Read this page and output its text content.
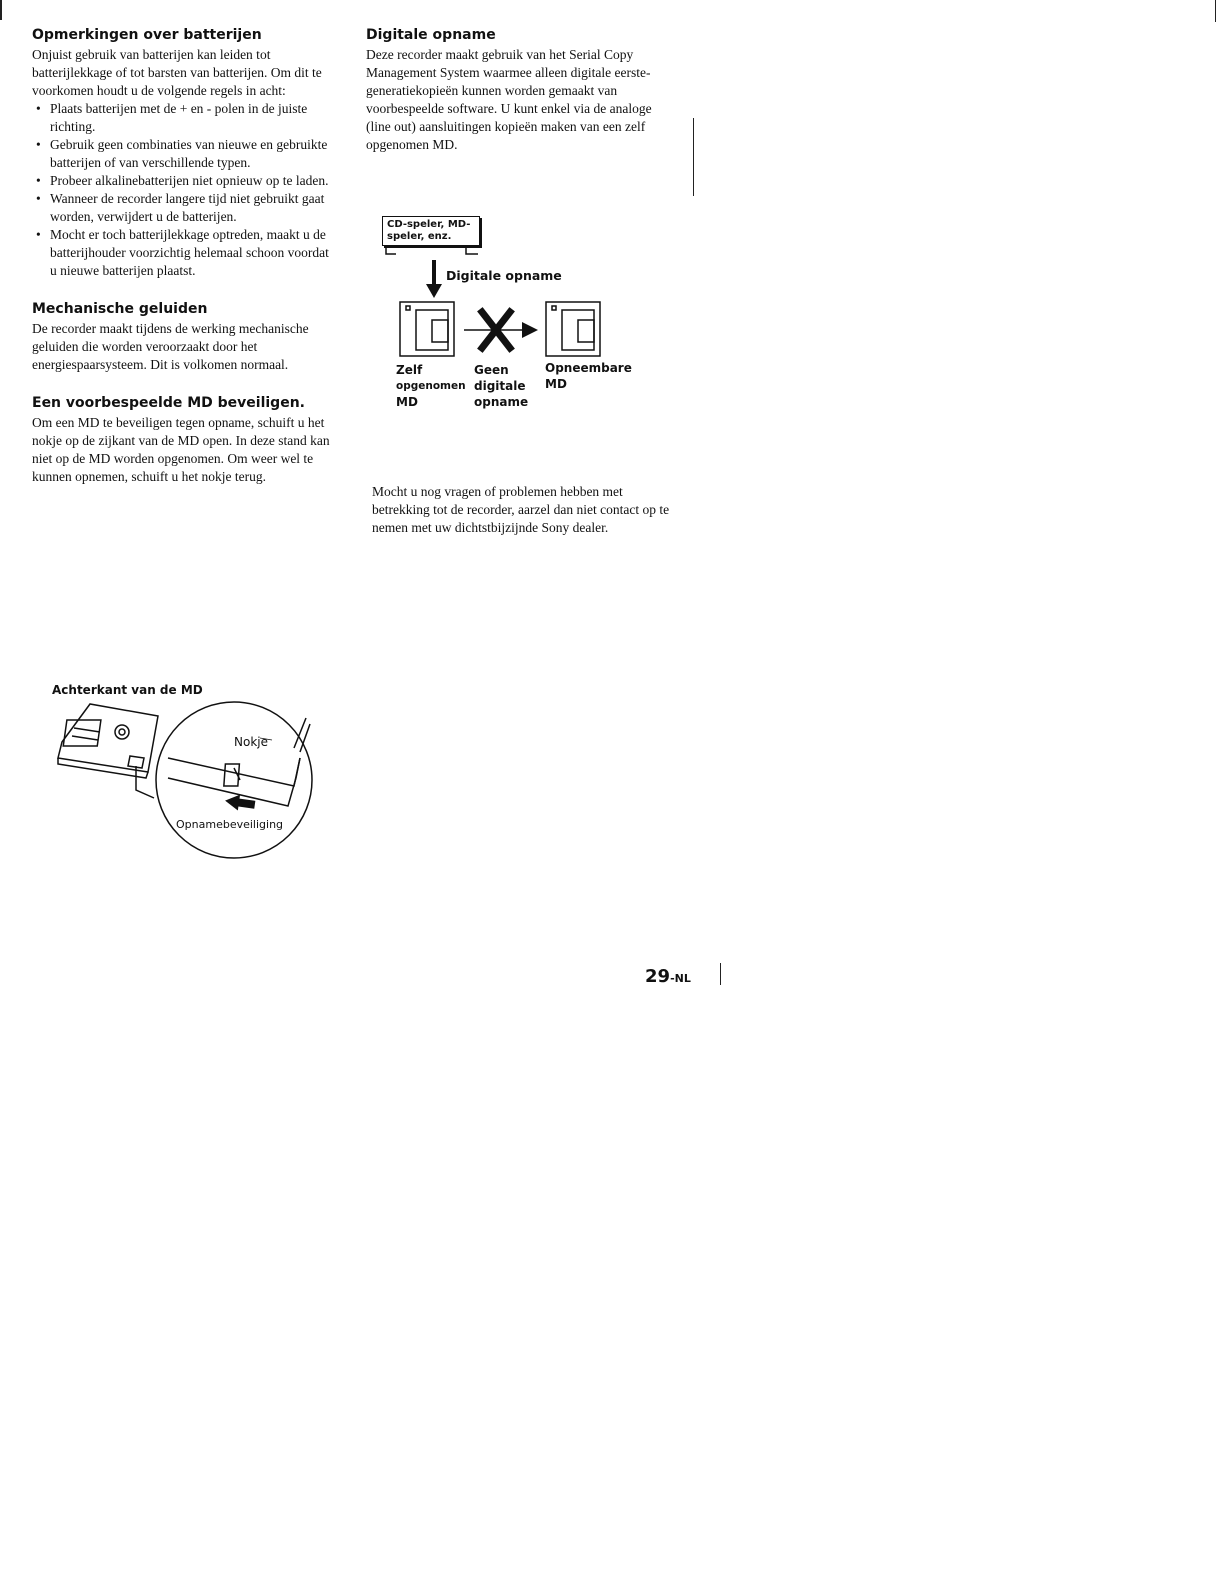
Opmerkingen over batterijen

Onjuist gebruik van batterijen kan leiden tot batterijlekkage of tot barsten van batterijen. Om dit te voorkomen houdt u de volgende regels in acht:

• Plaats batterijen met de + en - polen in de juiste richting.
• Gebruik geen combinaties van nieuwe en gebruikte batterijen of van verschillende typen.
• Probeer alkalinebatterijen niet opnieuw op te laden.
• Wanneer de recorder langere tijd niet gebruikt gaat worden, verwijdert u de batterijen.
• Mocht er toch batterijlekkage optreden, maakt u de batterijhouder voorzichtig helemaal schoon voordat u nieuwe batterijen plaatst.
Mechanische geluiden

De recorder maakt tijdens de werking mechanische geluiden die worden veroorzaakt door het energiespaarsysteem. Dit is volkomen normaal.

Een voorbespeelde MD beveiligen.

Om een MD te beveiligen tegen opname, schuift u het nokje op de zijkant van de MD open. In deze stand kan niet op de MD worden opgenomen. Om weer wel te kunnen opnemen, schuift u het nokje terug.

Achterkant van de MD
Nokje
Opnamebeveiliging
Digitale opname

Deze recorder maakt gebruik van het Serial Copy Management System waarmee alleen digitale eerste-generatiekopieën kunnen worden gemaakt van voorbespeelde software. U kunt enkel via de analoge (line out) aansluitingen kopieën maken van een zelf opgenomen MD.

CD-speler, MD-speler, enz.
Digitale opname
Zelf
opgenomen
MD
Geen
digitale
opname
Opneembare
MD

Mocht u nog vragen of problemen hebben met betrekking tot de recorder, aarzel dan niet contact op te nemen met uw dichtstbijzijnde Sony dealer.

29-NL
